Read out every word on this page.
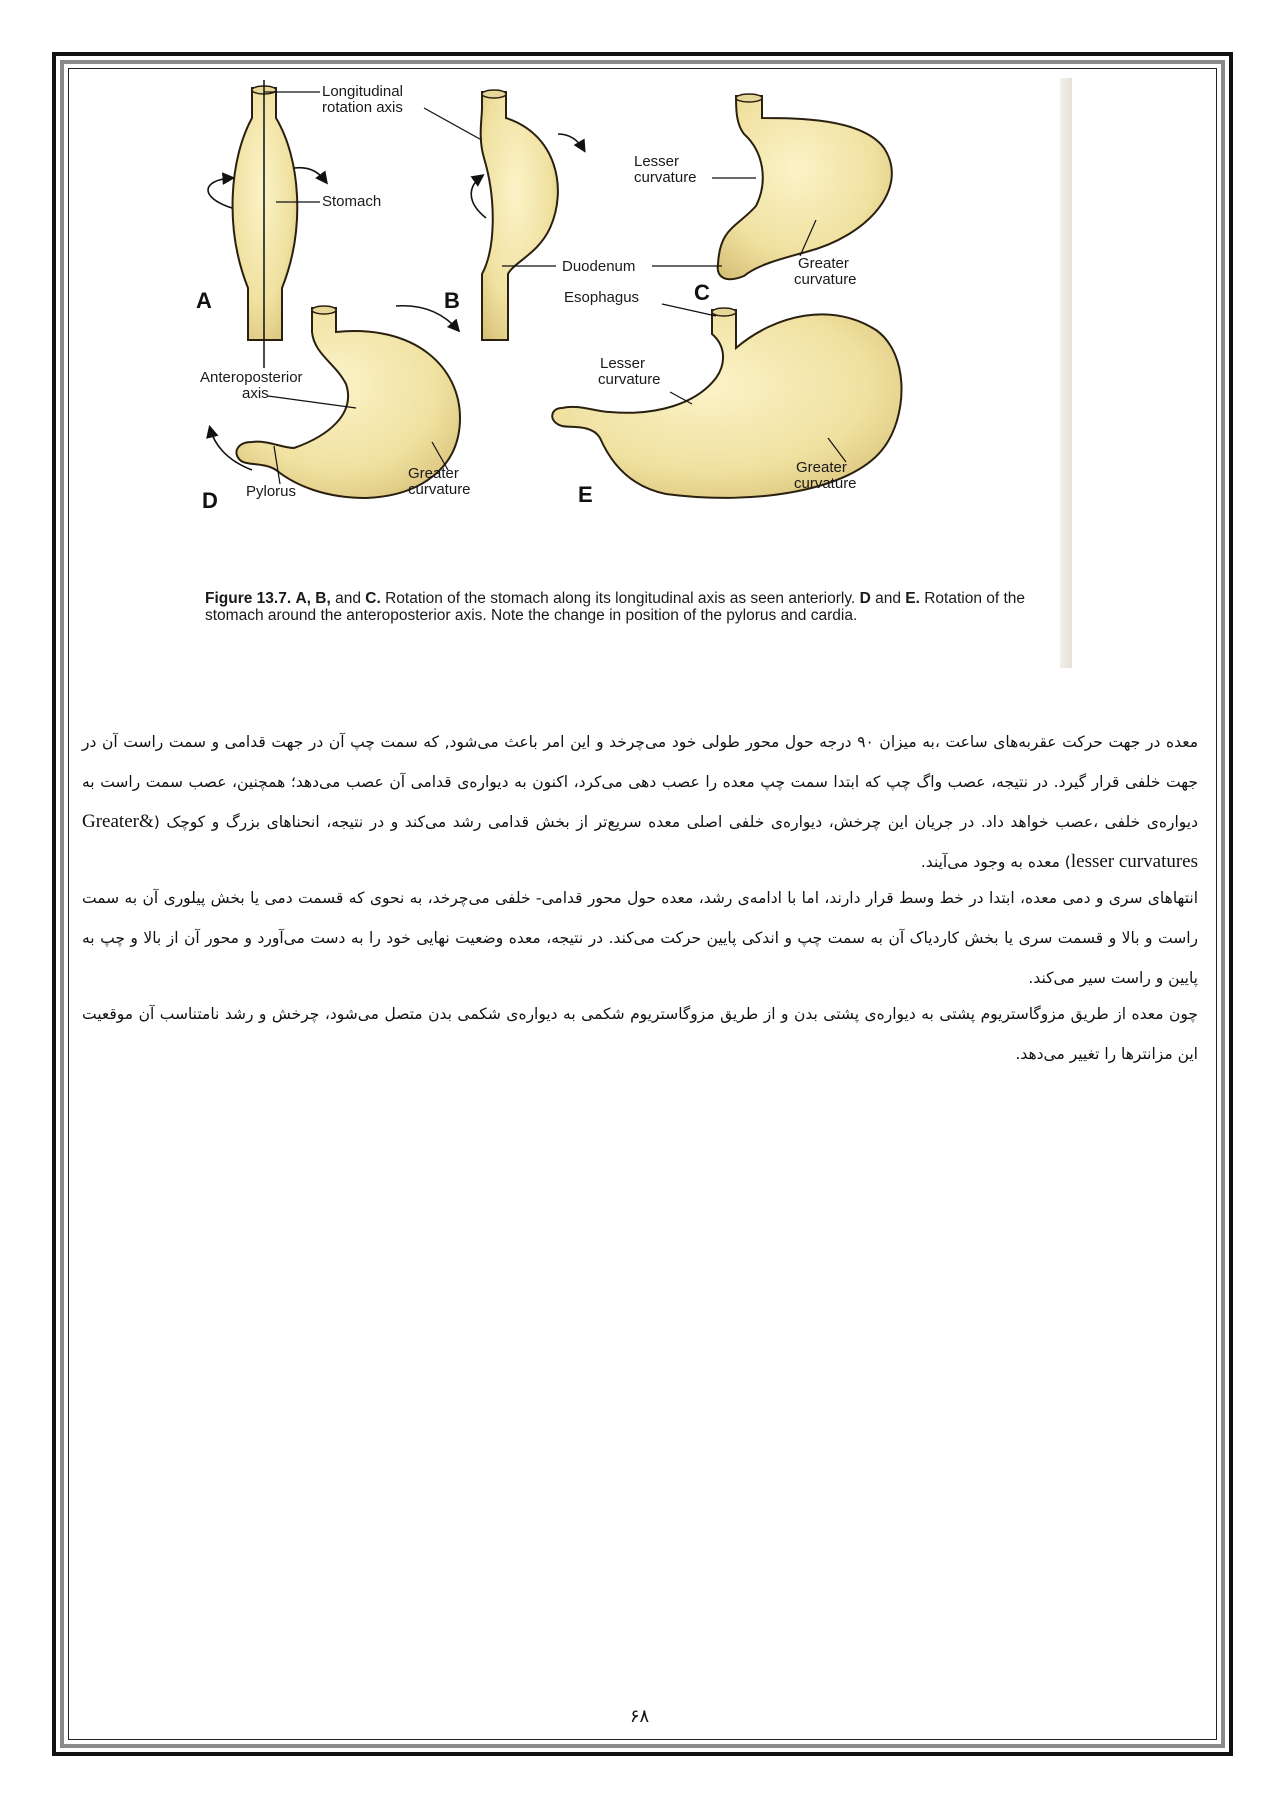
Longitudinal
rotation axis
Stomach
A	B
Lesser
curvature
Duodenum	Greater
curvature
C
Anteroposterior
axis
Pylorus
Greater
curvature
D
Esophagus
Lesser
curvature
Greater
curvature
E
Figure 13.7. A, B, and C. Rotation of the stomach along its longitudinal axis as seen anteriorly. D and E. Rotation of the stomach around the anteroposterior axis. Note the change in position of the pylorus and cardia.

معده در جهت حرکت عقربه‌های ساعت ،به میزان ۹۰ درجه حول محور طولی خود می‌چرخد و این امر باعث می‌شود, که سمت چپ آن در جهت قدامی و سمت راست آن در جهت خلفی قرار گیرد. در نتیجه، عصب واگ چپ که ابتدا سمت چپ معده را عصب دهی می‌کرد، اکنون به دیواره‌ی قدامی آن عصب می‌دهد؛ همچنین، عصب سمت راست به دیواره‌ی خلفی ،عصب خواهد داد. در جریان این چرخش، دیواره‌ی خلفی اصلی معده سریع‌تر از بخش قدامی رشد می‌کند و در نتیجه، انحناهای بزرگ و کوچک (Greater& lesser curvatures) معده به وجود می‌آیند.

انتهاهای سری و دمی معده، ابتدا در خط وسط قرار دارند، اما با ادامه‌ی رشد، معده حول محور قدامی- خلفی می‌چرخد، به نحوی که قسمت دمی یا بخش پیلوری آن به سمت راست و بالا و قسمت سری یا بخش کاردیاک آن به سمت چپ و اندکی پایین حرکت می‌کند. در نتیجه، معده وضعیت نهایی خود را به دست می‌آورد و محور آن از بالا و چپ به پایین و راست سیر می‌کند.

چون معده از طریق مزوگاستریوم پشتی به دیواره‌ی پشتی بدن و از طریق مزوگاستریوم شکمی به دیواره‌ی شکمی بدن متصل می‌شود، چرخش و رشد نامتناسب آن موقعیت این مزانترها را تغییر می‌دهد.

۶۸
